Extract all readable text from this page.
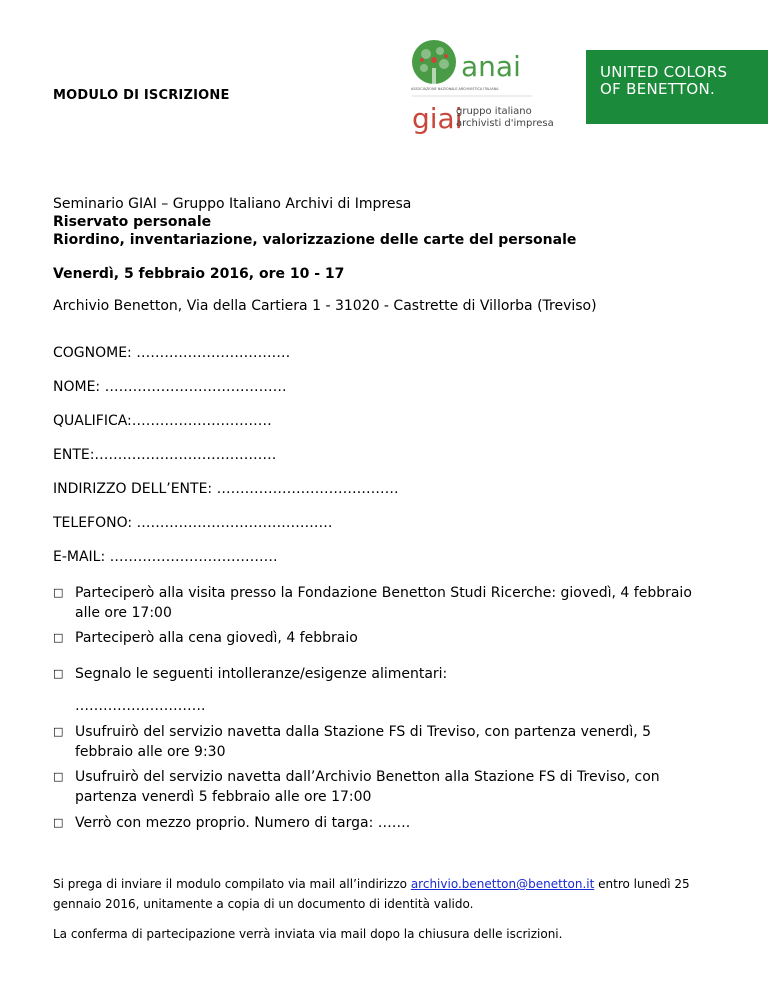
MODULO DI ISCRIZIONE
anai
ASSOCIAZIONE NAZIONALE ARCHIVISTICA ITALIANA
giai
gruppo italiano
archivisti d'impresa
UNITED COLORS
OF BENETTON.
Seminario GIAI – Gruppo Italiano Archivi di Impresa
Riservato personale
Riordino, inventariazione, valorizzazione delle carte del personale
Venerdì, 5 febbraio 2016, ore 10 - 17
Archivio Benetton, Via della Cartiera 1 - 31020 - Castrette di Villorba (Treviso)
COGNOME: ……………………………
NOME: …………………………………
QUALIFICA:…………………………
ENTE:…………………………………
INDIRIZZO DELL’ENTE: …………………………………
TELEFONO: ……………………………………
E-MAIL: ………………………………
□ Parteciperò alla visita presso la Fondazione Benetton Studi Ricerche: giovedì, 4 febbraio alle ore 17:00
□ Parteciperò alla cena giovedì, 4 febbraio
□ Segnalo le seguenti intolleranze/esigenze alimentari:
……………………….
□ Usufruirò del servizio navetta dalla Stazione FS di Treviso, con partenza venerdì, 5 febbraio alle ore 9:30
□ Usufruirò del servizio navetta dall’Archivio Benetton alla Stazione FS di Treviso, con partenza venerdì 5 febbraio alle ore 17:00
□ Verrò con mezzo proprio. Numero di targa: …….
Si prega di inviare il modulo compilato via mail all’indirizzo archivio.benetton@benetton.it entro lunedì 25 gennaio 2016, unitamente a copia di un documento di identità valido.
La conferma di partecipazione verrà inviata via mail dopo la chiusura delle iscrizioni.
